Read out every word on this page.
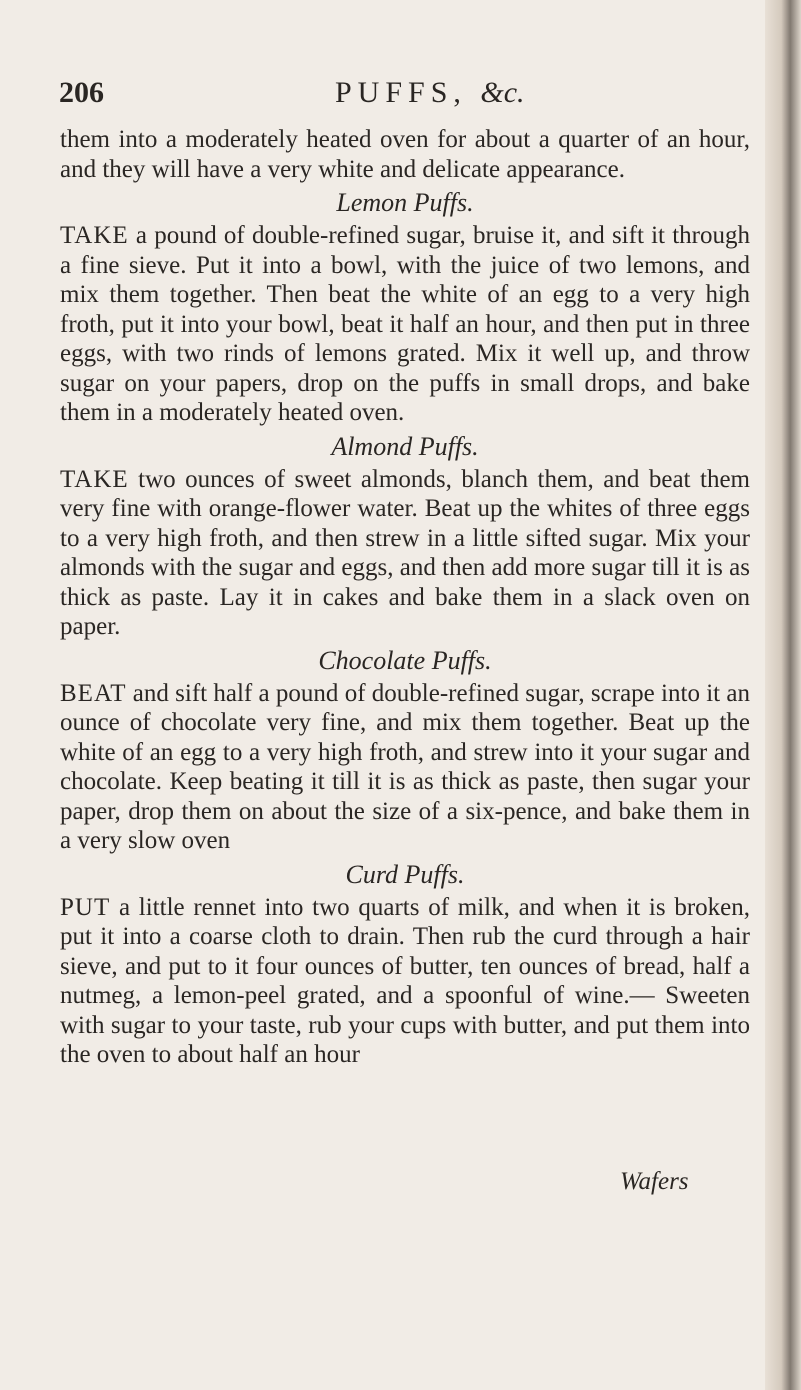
206	PUFFS, &c.

them into a moderately heated oven for about a quarter of an hour, and they will have a very white and delicate appearance.

Lemon Puffs.

TAKE a pound of double-refined sugar, bruise it, and sift it through a fine sieve. Put it into a bowl, with the juice of two lemons, and mix them together. Then beat the white of an egg to a very high froth, put it into your bowl, beat it half an hour, and then put in three eggs, with two rinds of lemons grated. Mix it well up, and throw sugar on your papers, drop on the puffs in small drops, and bake them in a moderately heated oven.

Almond Puffs.

TAKE two ounces of sweet almonds, blanch them, and beat them very fine with orange-flower water. Beat up the whites of three eggs to a very high froth, and then strew in a little sifted sugar. Mix your almonds with the sugar and eggs, and then add more sugar till it is as thick as paste. Lay it in cakes and bake them in a slack oven on paper.

Chocolate Puffs.

BEAT and sift half a pound of double-refined sugar, scrape into it an ounce of chocolate very fine, and mix them together. Beat up the white of an egg to a very high froth, and strew into it your sugar and chocolate. Keep beating it till it is as thick as paste, then sugar your paper, drop them on about the size of a six-pence, and bake them in a very slow oven

Curd Puffs.

PUT a little rennet into two quarts of milk, and when it is broken, put it into a coarse cloth to drain. Then rub the curd through a hair sieve, and put to it four ounces of butter, ten ounces of bread, half a nutmeg, a lemon-peel grated, and a spoonful of wine.— Sweeten with sugar to your taste, rub your cups with butter, and put them into the oven to about half an hour

Wafers
